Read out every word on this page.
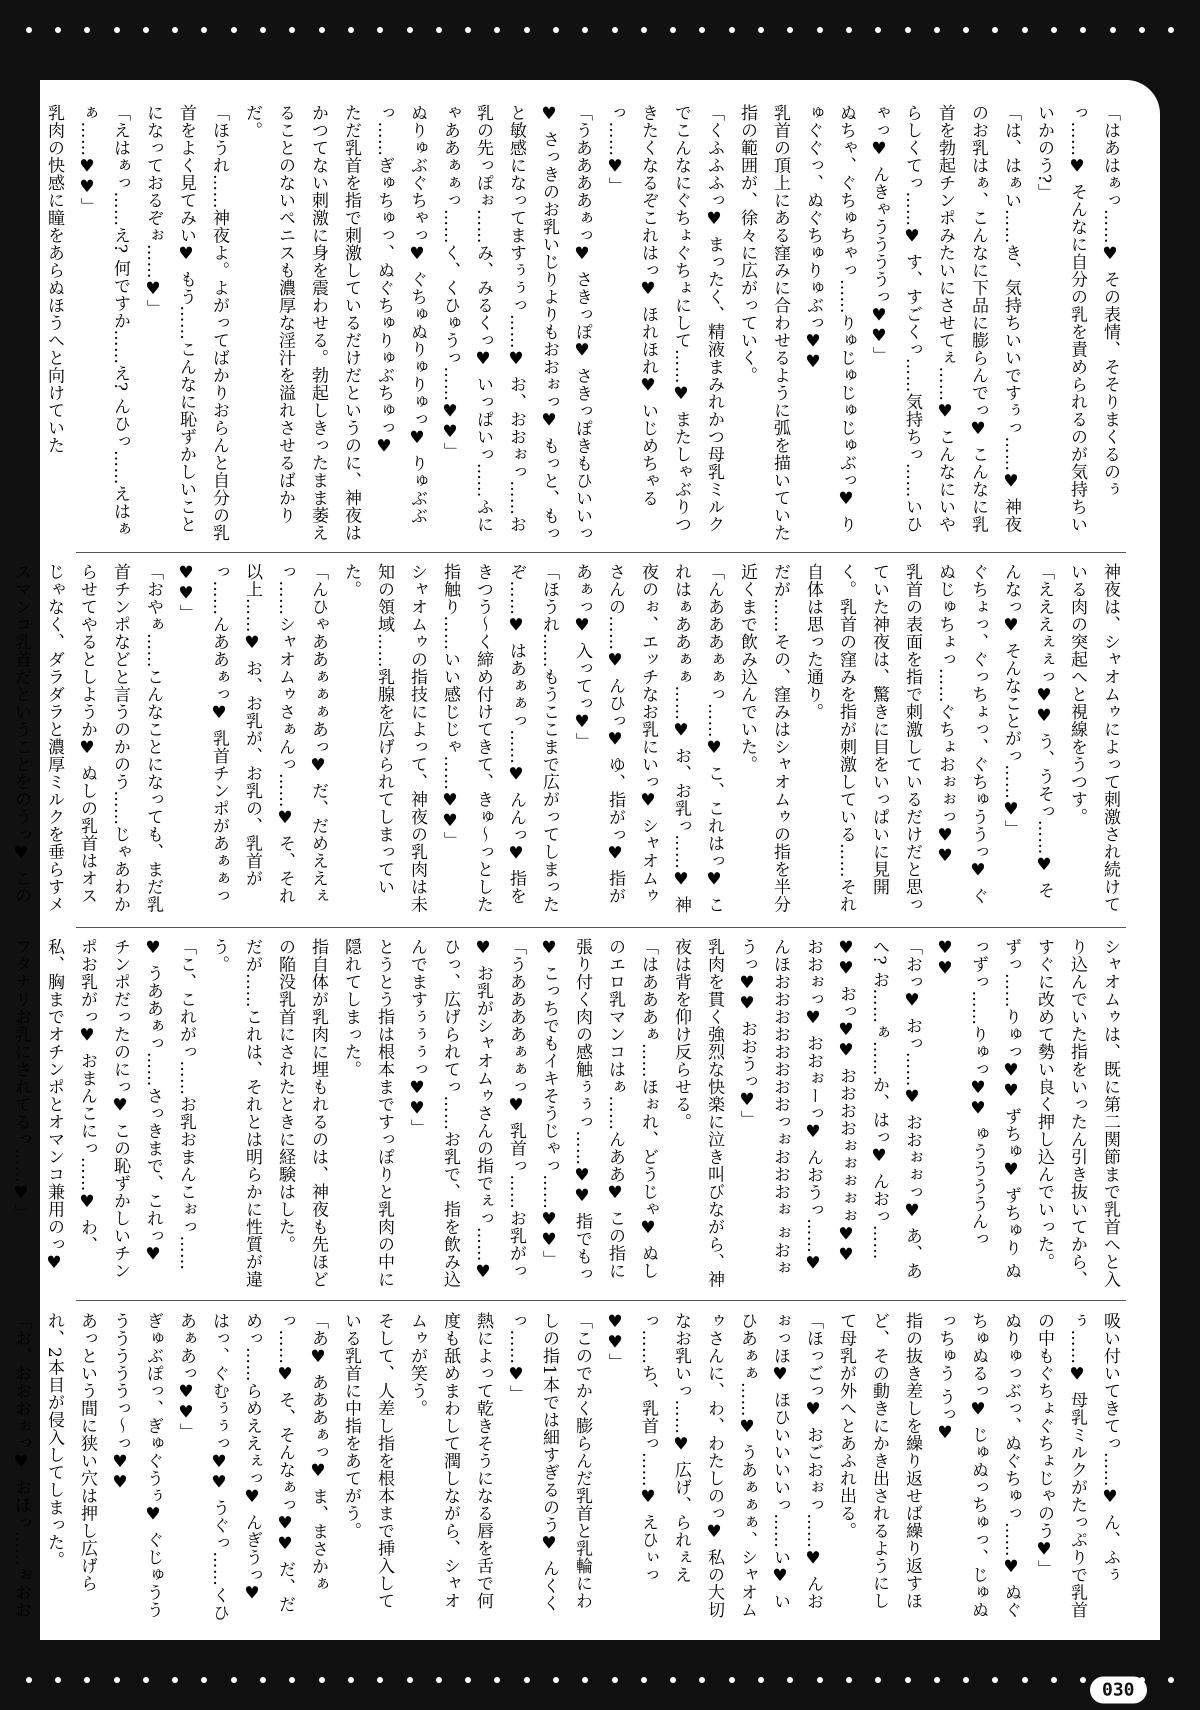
「はあはぁっ……♥ その表情、そそりまくるのぅっ……♥ そんなに自分の乳を責められるのが気持ちいいかのう?」
「は、はぁい……き、気持ちいいですぅっ……♥ 神夜のお乳はぁ、こんなに下品に膨らんでっ♥ こんなに乳首を勃起チンポみたいにさせてぇ……♥ こんなにいやらしくてっ……♥ す、すごくっ……気持ちっ……いひゃっ♥ んきゃううううっ♥♥」
ぬちゃ、ぐちゅちゃっ……りゅじゅじゅじゅぶっ♥ りゅぐぐっ、ぬぐちゅりゅぶっ♥♥
乳首の頂上にある窪みに合わせるように弧を描いていた指の範囲が、徐々に広がっていく。
「くふふふっ♥ まったく、精液まみれかつ母乳ミルクでこんなにぐちょぐちょにして……♥ またしゃぶりつきたくなるぞこれはっ♥ ほれほれ♥ いじめちゃるっ……♥」
「うああああぁっ♥ さきっぽ♥ さきっぽきもひいいっ♥ さっきのお乳いじりよりもおおぉっ♥ もっと、もっと敏感になってますぅぅっ……♥ お、おおぉっ……お乳の先っぽぉ……み、みるくっ♥ いっぱいっ……ふにゃああぁぁっ……く、くひゅうっ……♥♥」
ぬりゅぶぐちゃっ♥ ぐちゅぬりゅりゅっ♥ りゅぶぶっ……ぎゅちゅっ、ぬぐちゅりゅぶちゅっ♥
ただ乳首を指で刺激しているだけだというのに、神夜はかつてない刺激に身を震わせる。勃起しきったまま萎えることのないペニスも濃厚な淫汁を溢れさせるばかりだ。
「ほうれ……神夜よ。よがってばかりおらんと自分の乳首をよく見てみい♥ もう……こんなに恥ずかしいことになっておるぞぉ……♥」
「えはぁっ……え? 何ですか……え? んひっ……えはぁぁ……♥♥」
乳肉の快感に瞳をあらぬほうへと向けていた
神夜は、シャオムゥによって刺激され続けている肉の突起へと視線をうつす。
「えええぇぇっ♥♥ う、うそっ……♥ そんなっ♥ そんなことがっ……♥」
ぐちょっ、ぐっちょっ、ぐちゅううっ♥ ぐぬじゅちょっ……ぐちょおぉぉっ♥♥
乳首の表面を指で刺激しているだけだと思っていた神夜は、驚きに目をいっぱいに見開く。乳首の窪みを指が刺激している……それ自体は思った通り。
だが……その、窪みはシャオムゥの指を半分近くまで飲み込んでいた。
「んあああぁぁっ……♥ こ、これはっ♥ これはぁああぁぁ……♥ お、お乳っ……♥ 神夜のぉ、エッチなお乳にいっ♥ シャオムゥさんの……♥ んひっ♥ ゆ、指がっ♥ 指があぁっ♥ 入ってっ♥」
「ほうれ……もうここまで広がってしまったぞ……♥ はあぁぁっ……♥ んんっ♥ 指をきつう～く締め付けてきて、きゅ～っとした指触り……いい感じじゃ……♥♥」
シャオムゥの指技によって、神夜の乳肉は未知の領域……乳腺を広げられてしまっていた。
「んひゃああぁぁぁあっ♥ だ、だめええぇっ……シャオムゥさぁんっ……♥ そ、それ以上……♥ お、お乳が、お乳の、乳首がっ……んああぁっ♥ 乳首チンポがあぁぁっ♥♥」
「おやぁ……こんなことになっても、まだ乳首チンポなどと言うのかのう……じゃあわからせてやるとしようか♥ ぬしの乳首はオスじゃなく、ダラダラと濃厚ミルクを垂らすメスマンコ乳首だということをのうっ♥ この
シャオムゥは、既に第二関節まで乳首へと入り込んでいた指をいったん引き抜いてから、すぐに改めて勢い良く押し込んでいった。
ずっ……りゅっ♥♥ ずちゅ♥ ずちゅり ぬっずっ……りゅっ♥♥ ゅううううんっ♥♥
「おっ♥ おっ……♥ おおぉぉっ♥ あ、あへ? お……ぁ……か、はっ♥ んおっ……♥♥ おっ♥♥ おおおおぉぉぉぉぉ♥♥ おおぉっ♥ おおぉーっ♥ んおうっ……♥ んほおおおおおおおおっぉおおおぉ ぉおぉうっ♥♥ おおうっ♥」
乳肉を貫く強烈な快楽に泣き叫びながら、神夜は背を仰け反らせる。
「はあああぁ……ほぉれ、どうじゃ♥ ぬしのエロ乳マンコはぁ……んああ♥ この指に張り付く肉の感触ぅぅっ……♥♥ 指でもっ♥ こっちでもイキそうじゃっ……♥♥」
「うああああぁぁっ♥ 乳首っ……お乳がっ♥ お乳がシャオムゥさんの指でぇっ……♥ ひっ、広げられてっ……お乳で、指を飲み込んでますぅぅぅっ♥♥」
とうとう指は根本まですっぽりと乳肉の中に隠れてしまった。
指自体が乳肉に埋もれるのは、神夜も先ほどの陥没乳首にされたときに経験はした。
だが……これは、それとは明らかに性質が違う。
「こ、これがっ……お乳おまんこぉっ……♥ うああぁっ……さっきまで、これっ♥ チンポだったのにっ♥ この恥ずかしいチンポお乳がっ♥ おまんこにっ……♥ わ、私、胸までオチンポとオマンコ兼用のっ♥ フタナリお乳にされてるっ……♥」
吸い付いてきてっ……♥ ん、ふぅぅ……♥ 母乳ミルクがたっぷりで乳首の中もぐちょぐちょじゃのう♥」
ぬりゅっぶっ、ぬぐちゅっ……♥ ぬぐちゅぬるっ♥ じゅぬっちゅっ、じゅぬっちゅう うっ♥
指の抜き差しを繰り返せば繰り返すほど、その動きにかき出されるようにして母乳が外へとあふれ出る。
「ほっごっ♥ おごおぉっ……♥ んおぉっほ♥ ほひいいいいっ……い♥ いひあぁぁ……♥ うあぁぁぁ、シャオムゥさんに、わ、わたしのっ♥ 私の大切なお乳いっ……♥ 広げ、られぇえっ……ち、乳首っ……♥ えひぃっ♥♥」
「このでかく膨らんだ乳首と乳輪にわしの指1本では細すぎるのう♥ んくくっ……♥」
熱によって乾きそうになる唇を舌で何度も舐めまわして潤しながら、シャオムゥが笑う。
そして、人差し指を根本まで挿入している乳首に中指をあてがう。
「あ♥ あああぁっ♥ ま、まさかぁっ……♥ そ、そんなぁっ♥♥ だ、だめっ……らめええぇっ♥ んぎうっ♥ はっ、ぐむぅぅっ♥♥ うぐっ……くひあぁあっ♥♥」
ぎゅぶぽっ、ぎゅぐうぅ♥ ぐじゅうううううううっ～っ♥♥
あっという間に狭い穴は押し広げられ、2本目が侵入してしまった。
「お、おおおぉっ♥ おほっ……ぉおお
030
